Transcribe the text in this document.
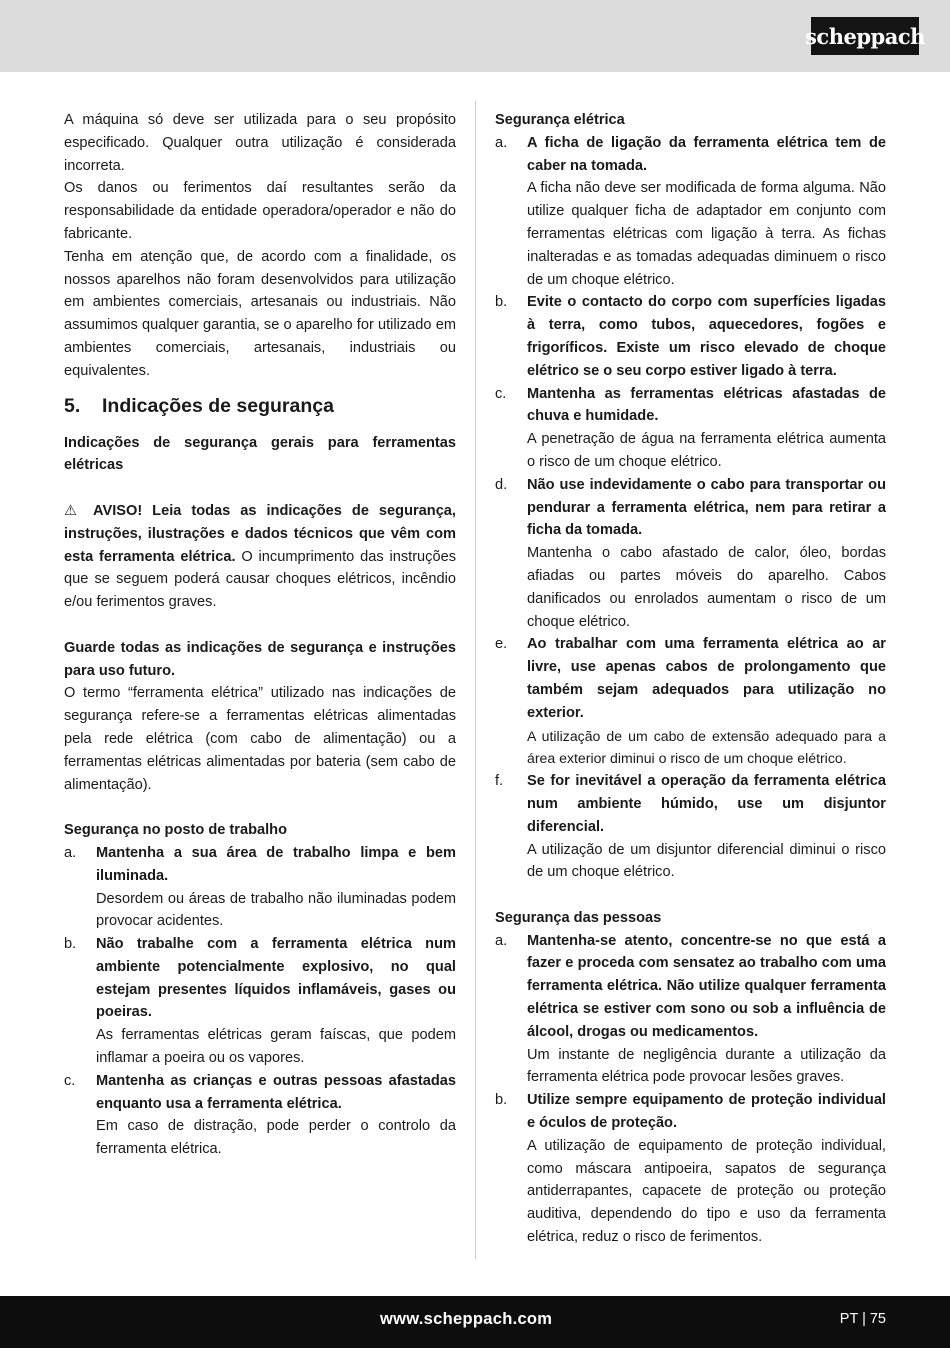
scheppach

A máquina só deve ser utilizada para o seu propósito especificado. Qualquer outra utilização é considerada incorreta.

Os danos ou ferimentos daí resultantes serão da responsabilidade da entidade operadora/operador e não do fabricante.

Tenha em atenção que, de acordo com a finalidade, os nossos aparelhos não foram desenvolvidos para utilização em ambientes comerciais, artesanais ou industriais. Não assumimos qualquer garantia, se o aparelho for utilizado em ambientes comerciais, artesanais, industriais ou equivalentes.

5. Indicações de segurança

Indicações de segurança gerais para ferramentas elétricas

⚠ AVISO! Leia todas as indicações de segurança, instruções, ilustrações e dados técnicos que vêm com esta ferramenta elétrica. O incumprimento das instruções que se seguem poderá causar choques elétricos, incêndio e/ou ferimentos graves.

Guarde todas as indicações de segurança e instruções para uso futuro.

O termo “ferramenta elétrica” utilizado nas indicações de segurança refere-se a ferramentas elétricas alimentadas pela rede elétrica (com cabo de alimentação) ou a ferramentas elétricas alimentadas por bateria (sem cabo de alimentação).

Segurança no posto de trabalho

a. Mantenha a sua área de trabalho limpa e bem iluminada.

Desordem ou áreas de trabalho não iluminadas podem provocar acidentes.

b. Não trabalhe com a ferramenta elétrica num ambiente potencialmente explosivo, no qual estejam presentes líquidos inflamáveis, gases ou poeiras.

As ferramentas elétricas geram faíscas, que podem inflamar a poeira ou os vapores.

c. Mantenha as crianças e outras pessoas afastadas enquanto usa a ferramenta elétrica.

Em caso de distração, pode perder o controlo da ferramenta elétrica.

Segurança elétrica

a. A ficha de ligação da ferramenta elétrica tem de caber na tomada.

A ficha não deve ser modificada de forma alguma. Não utilize qualquer ficha de adaptador em conjunto com ferramentas elétricas com ligação à terra. As fichas inalteradas e as tomadas adequadas diminuem o risco de um choque elétrico.

b. Evite o contacto do corpo com superfícies ligadas à terra, como tubos, aquecedores, fogões e frigoríficos. Existe um risco elevado de choque elétrico se o seu corpo estiver ligado à terra.

c. Mantenha as ferramentas elétricas afastadas de chuva e humidade.

A penetração de água na ferramenta elétrica aumenta o risco de um choque elétrico.

d. Não use indevidamente o cabo para transportar ou pendurar a ferramenta elétrica, nem para retirar a ficha da tomada.

Mantenha o cabo afastado de calor, óleo, bordas afiadas ou partes móveis do aparelho. Cabos danificados ou enrolados aumentam o risco de um choque elétrico.

e. Ao trabalhar com uma ferramenta elétrica ao ar livre, use apenas cabos de prolongamento que também sejam adequados para utilização no exterior.

A utilização de um cabo de extensão adequado para a área exterior diminui o risco de um choque elétrico.

f. Se for inevitável a operação da ferramenta elétrica num ambiente húmido, use um disjuntor diferencial.

A utilização de um disjuntor diferencial diminui o risco de um choque elétrico.

Segurança das pessoas

a. Mantenha-se atento, concentre-se no que está a fazer e proceda com sensatez ao trabalho com uma ferramenta elétrica. Não utilize qualquer ferramenta elétrica se estiver com sono ou sob a influência de álcool, drogas ou medicamentos.

Um instante de negligência durante a utilização da ferramenta elétrica pode provocar lesões graves.

b. Utilize sempre equipamento de proteção individual e óculos de proteção.

A utilização de equipamento de proteção individual, como máscara antipoeira, sapatos de segurança antiderrapantes, capacete de proteção ou proteção auditiva, dependendo do tipo e uso da ferramenta elétrica, reduz o risco de ferimentos.

www.scheppach.com	PT | 75
